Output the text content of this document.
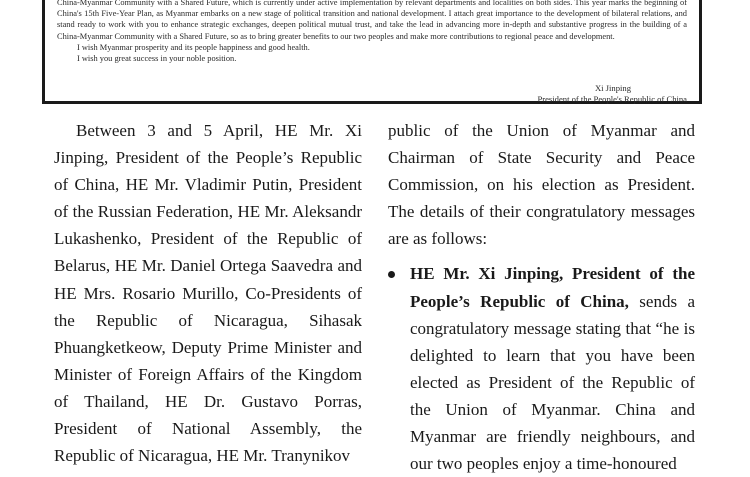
China-Myanmar Community with a Shared Future, which is currently under active implementation by relevant departments and localities on both sides. This year marks the beginning of China's 15th Five-Year Plan, as Myanmar embarks on a new stage of political transition and national development. I attach great importance to the development of bilateral relations, and stand ready to work with you to enhance strategic exchanges, deepen political mutual trust, and take the lead in advancing more in-depth and substantive progress in the building of a China-Myanmar Community with a Shared Future, so as to bring greater benefits to our two peoples and make more contributions to regional peace and development.

I wish Myanmar prosperity and its people happiness and good health.

I wish you great success in your noble position.

Xi Jinping
President of the People's Republic of China

Between 3 and 5 April, HE Mr. Xi Jinping, President of the People’s Republic of China, HE Mr. Vladimir Putin, President of the Russian Federation, HE Mr. Aleksandr Lukashenko, President of the Republic of Belarus, HE Mr. Daniel Ortega Saavedra and HE Mrs. Rosario Murillo, Co-Presidents of the Republic of Nicaragua, Sihasak Phuangketkeow, Deputy Prime Minister and Minister of Foreign Affairs of the Kingdom of Thailand, HE Dr. Gustavo Porras, President of National Assembly, the Republic of Nicaragua, HE Mr. Tranynikov

public of the Union of Myanmar and Chairman of State Security and Peace Commission, on his election as President. The details of their congratulatory messages are as follows:

HE Mr. Xi Jinping, President of the People’s Republic of China, sends a congratulatory message stating that “he is delighted to learn that you have been elected as President of the Republic of the Union of Myanmar. China and Myanmar are friendly neighbours, and our two peoples enjoy a time-honoured
